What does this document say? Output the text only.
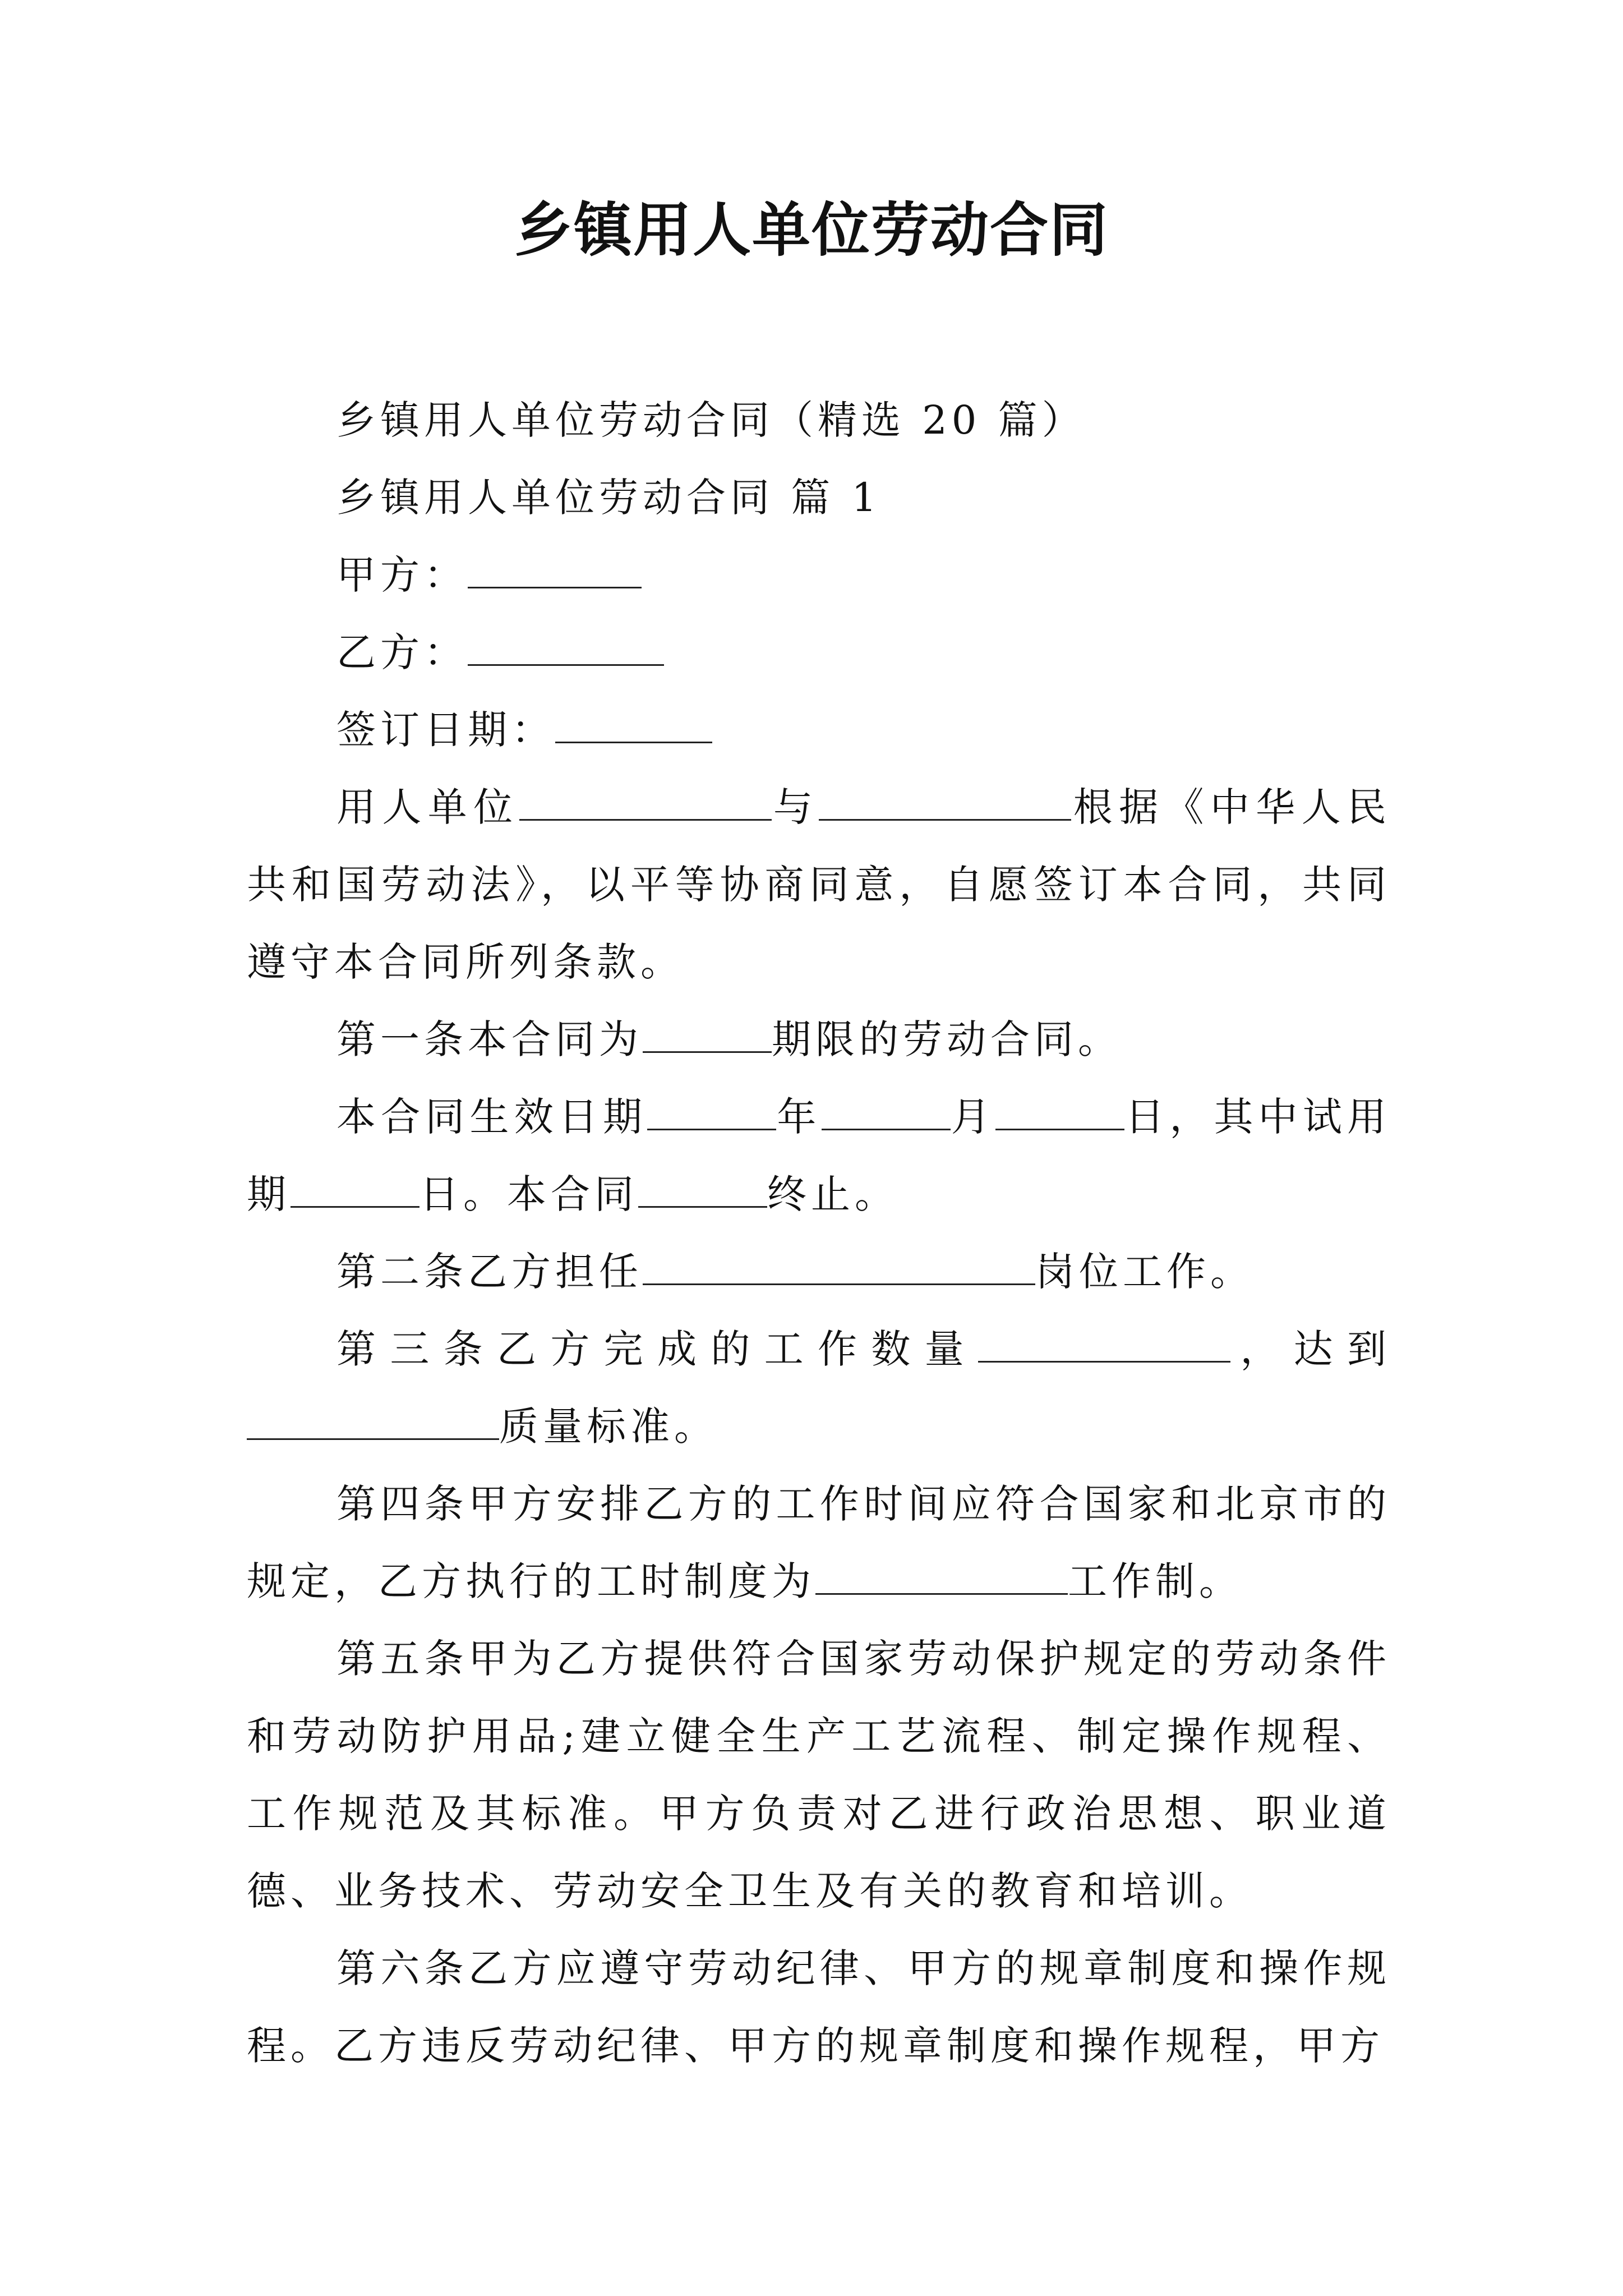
乡镇用人单位劳动合同

乡镇用人单位劳动合同（精选 20 篇）

乡镇用人单位劳动合同 篇 1

甲方：

乙方：

签订日期：

用人单位	与	根据《中华人民共和国劳动法》，以平等协商同意，自愿签订本合同，共同遵守本合同所列条款。

第一条本合同为	期限的劳动合同。

本合同生效日期	年	月	日，其中试用期	日。本合同	终止。

第二条乙方担任	岗位工作。

第三条乙方完成的工作数量	，达到质量标准。

第四条甲方安排乙方的工作时间应符合国家和北京市的规定，乙方执行的工时制度为	工作制。

第五条甲为乙方提供符合国家劳动保护规定的劳动条件和劳动防护用品;建立健全生产工艺流程、制定操作规程、工作规范及其标准。甲方负责对乙进行政治思想、职业道德、业务技术、劳动安全卫生及有关的教育和培训。

第六条乙方应遵守劳动纪律、甲方的规章制度和操作规程。乙方违反劳动纪律、甲方的规章制度和操作规程，甲方
